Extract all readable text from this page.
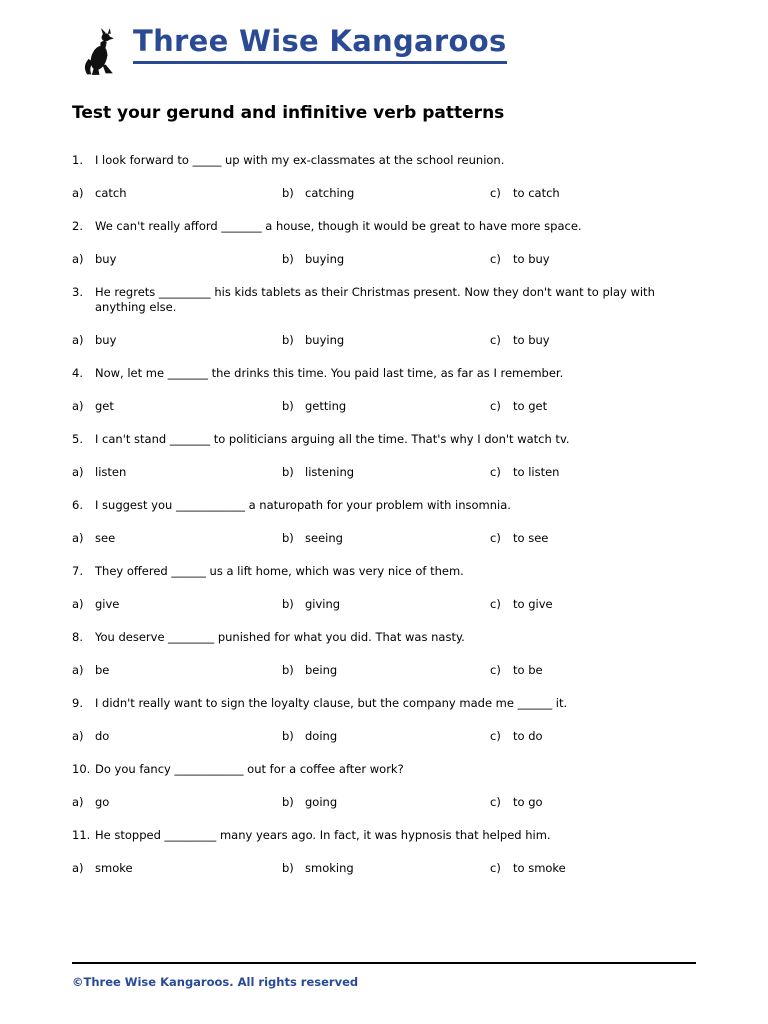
Three Wise Kangaroos
Test your gerund and infinitive verb patterns
1.	I look forward to _____ up with my ex-classmates at the school reunion.
a) catch	b) catching	c)	to catch
2.	We can't really afford _______ a house, though it would be great to have more space.
a) buy	b) buying	c)	to buy
3.	He regrets _________ his kids tablets as their Christmas present. Now they don't want to play with anything else.
a) buy	b) buying	c)	to buy
4.	Now, let me _______ the drinks this time. You paid last time, as far as I remember.
a) get	b) getting	c)	to get
5.	I can't stand _______ to politicians arguing all the time. That's why I don't watch tv.
a) listen	b) listening	c)	to listen
6.	I suggest you ____________ a naturopath for your problem with insomnia.
a) see	b) seeing	c)	to see
7.	They offered ______ us a lift home, which was very nice of them.
a) give	b) giving	c)	to give
8.	You deserve ________ punished for what you did. That was nasty.
a) be	b) being	c)	to be
9.	I didn't really want to sign the loyalty clause, but the company made me ______ it.
a) do	b) doing	c)	to do
10. Do you fancy ____________ out for a coffee after work?
a) go	b) going	c)	to go
11. He stopped _________ many years ago. In fact, it was hypnosis that helped him.
a) smoke	b) smoking	c)	to smoke
©Three Wise Kangaroos. All rights reserved
